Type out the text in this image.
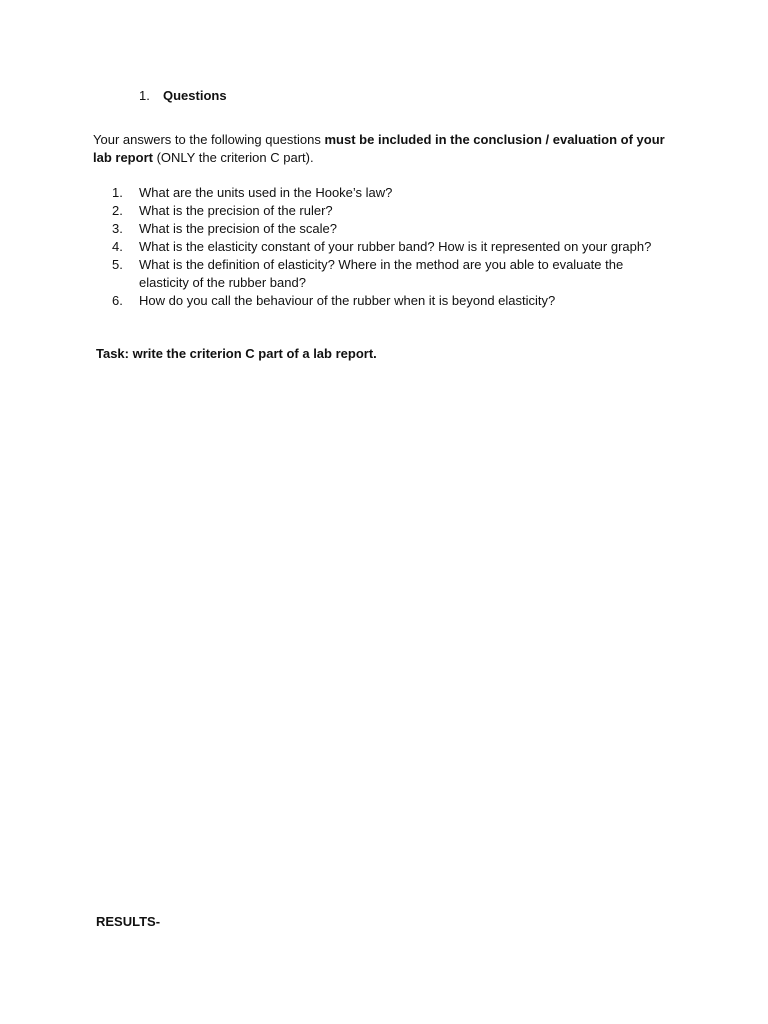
1. Questions
Your answers to the following questions must be included in the conclusion / evaluation of your lab report (ONLY the criterion C part).
1.	What are the units used in the Hooke’s law?
2.	What is the precision of the ruler?
3.	What is the precision of the scale?
4.	What is the elasticity constant of your rubber band? How is it represented on your graph?
5.	What is the definition of elasticity? Where in the method are you able to evaluate the elasticity of the rubber band?
6.	How do you call the behaviour of the rubber when it is beyond elasticity?
Task: write the criterion C part of a lab report.
RESULTS-
